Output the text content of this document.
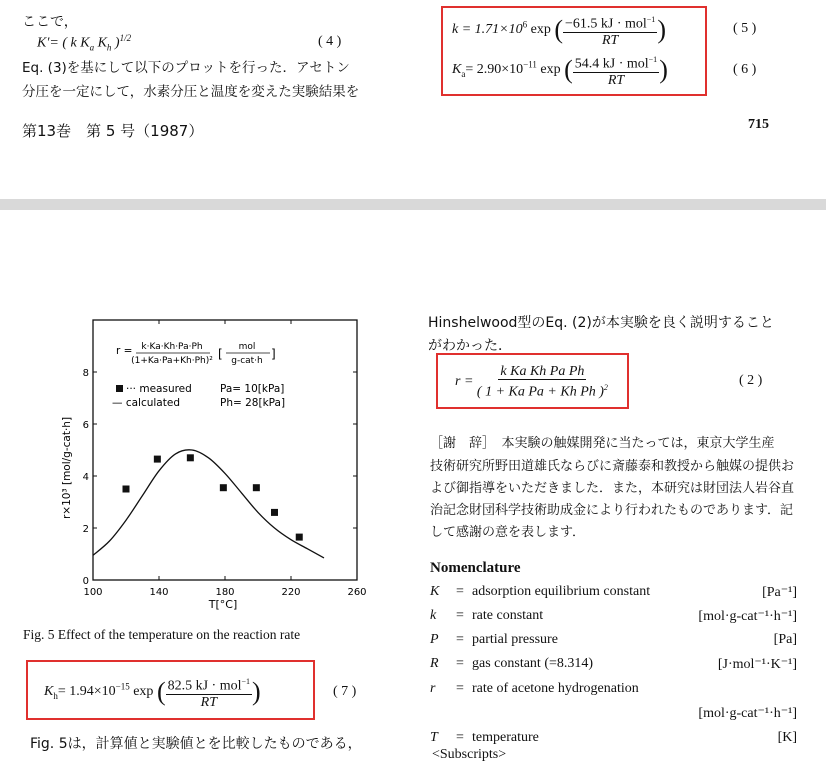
ここで，
K′= ( k $K_a$ $K_h$ )$^{1/2}$	( 4 )
Eq. (3)を基にして以下のプロットを行った．アセトン
分圧を一定にして，水素分圧と温度を変えた実験結果を
第13巻　第 5 号（1987）
$k = 1.71\times 10^6$ exp ( $\frac{-61.5 kJ \cdot mol^{-1}}{RT}$ )	( 5 )
$K_a= 2.90\times 10^{-11}$ exp ( $\frac{54.4 kJ \cdot mol^{-1}}{RT}$ )	( 6 )
715
0
2
4
6
8
100	140	180	220	260
r = k·Ka·Kh·Pa·Ph
(1+Ka·Pa+Kh·Ph)² [ mol
g-cat·h ]
··· measured
— calculated
Pa= 10[kPa]
Ph= 28[kPa]
r×10³ [mol/g-cat·h]
T[°C]
Fig. 5 Effect of the temperature on the reaction rate
$K_h= 1.94\times 10^{-15}$ exp ( $\frac{82.5 kJ \cdot mol^{-1}}{RT}$ )	( 7 )
Fig. 5は，計算値と実験値とを比較したものである，
Hinshelwood型のEq. (2)が本実験を良く説明すること
がわかった．
$r = \frac{\text{k Ka Kh Pa Ph}}{( 1 + Ka Pa + Kh Ph )^2}$	( 2 )
［謝　辞］　本実験の触媒開発に当たっては，東京大学生産
技術研究所野田道雄氏ならびに斎藤泰和教授から触媒の提供お
よび御指導をいただきました．また，本研究は財団法人岩谷直
治記念財団科学技術助成金により行われたものであります．記
して感謝の意を表します．
Nomenclature
K = adsorption equilibrium constant	[Pa⁻¹]
k = rate constant	[mol·g-cat⁻¹·h⁻¹]
P = partial pressure	[Pa]
R = gas constant (=8.314)	[J·mol⁻¹·K⁻¹]
r = rate of acetone hydrogenation
[mol·g-cat⁻¹·h⁻¹]
T = temperature	[K]
<Subscripts>
